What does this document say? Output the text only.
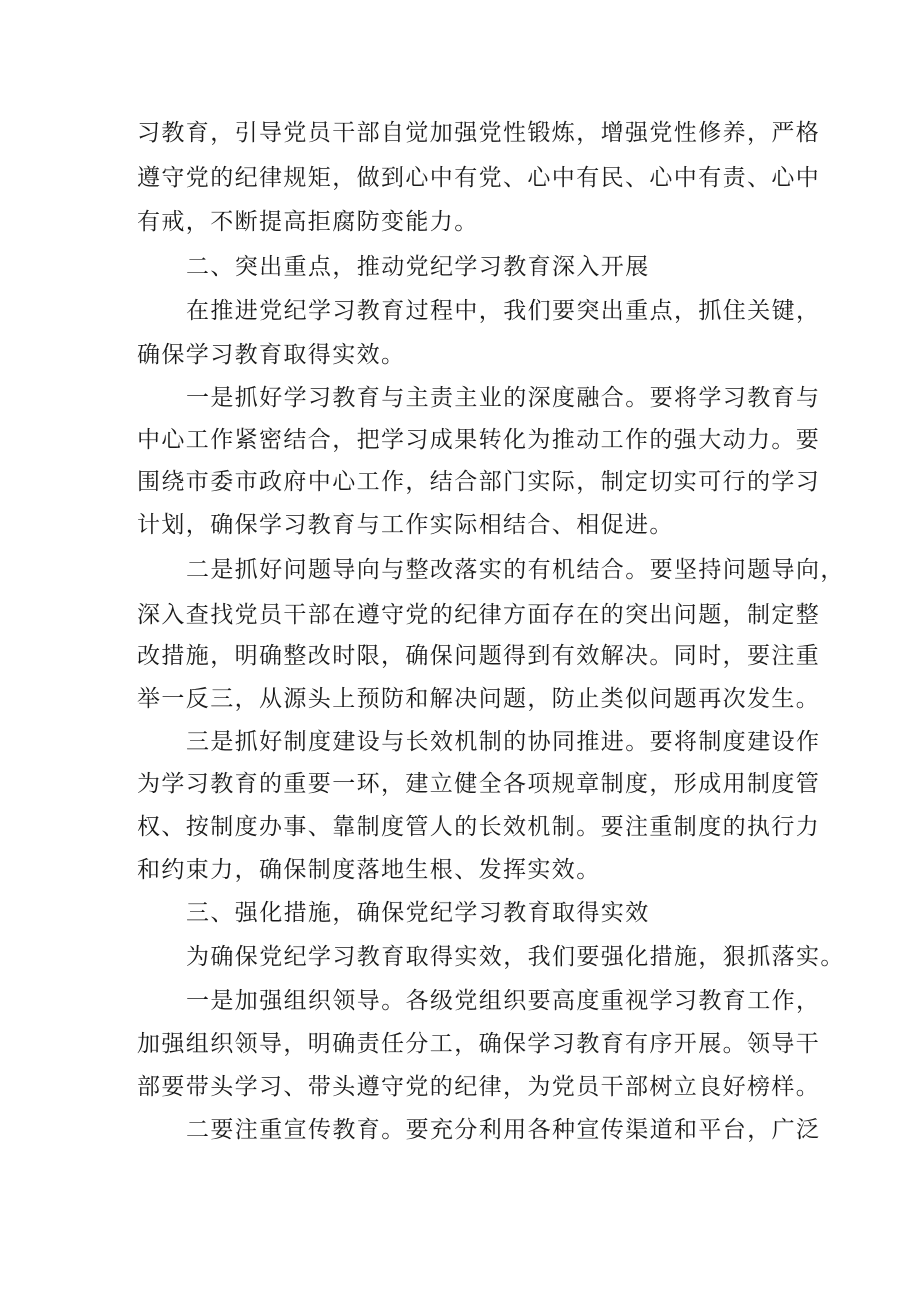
习教育，引导党员干部自觉加强党性锻炼，增强党性修养，严格
遵守党的纪律规矩，做到心中有党、心中有民、心中有责、心中
有戒，不断提高拒腐防变能力。
二、突出重点，推动党纪学习教育深入开展
在推进党纪学习教育过程中，我们要突出重点，抓住关键，
确保学习教育取得实效。
一是抓好学习教育与主责主业的深度融合。要将学习教育与
中心工作紧密结合，把学习成果转化为推动工作的强大动力。要
围绕市委市政府中心工作，结合部门实际，制定切实可行的学习
计划，确保学习教育与工作实际相结合、相促进。
二是抓好问题导向与整改落实的有机结合。要坚持问题导向，
深入查找党员干部在遵守党的纪律方面存在的突出问题，制定整
改措施，明确整改时限，确保问题得到有效解决。同时，要注重
举一反三，从源头上预防和解决问题，防止类似问题再次发生。
三是抓好制度建设与长效机制的协同推进。要将制度建设作
为学习教育的重要一环，建立健全各项规章制度，形成用制度管
权、按制度办事、靠制度管人的长效机制。要注重制度的执行力
和约束力，确保制度落地生根、发挥实效。
三、强化措施，确保党纪学习教育取得实效
为确保党纪学习教育取得实效，我们要强化措施，狠抓落实。
一是加强组织领导。各级党组织要高度重视学习教育工作，
加强组织领导，明确责任分工，确保学习教育有序开展。领导干
部要带头学习、带头遵守党的纪律，为党员干部树立良好榜样。
二要注重宣传教育。要充分利用各种宣传渠道和平台，广泛
